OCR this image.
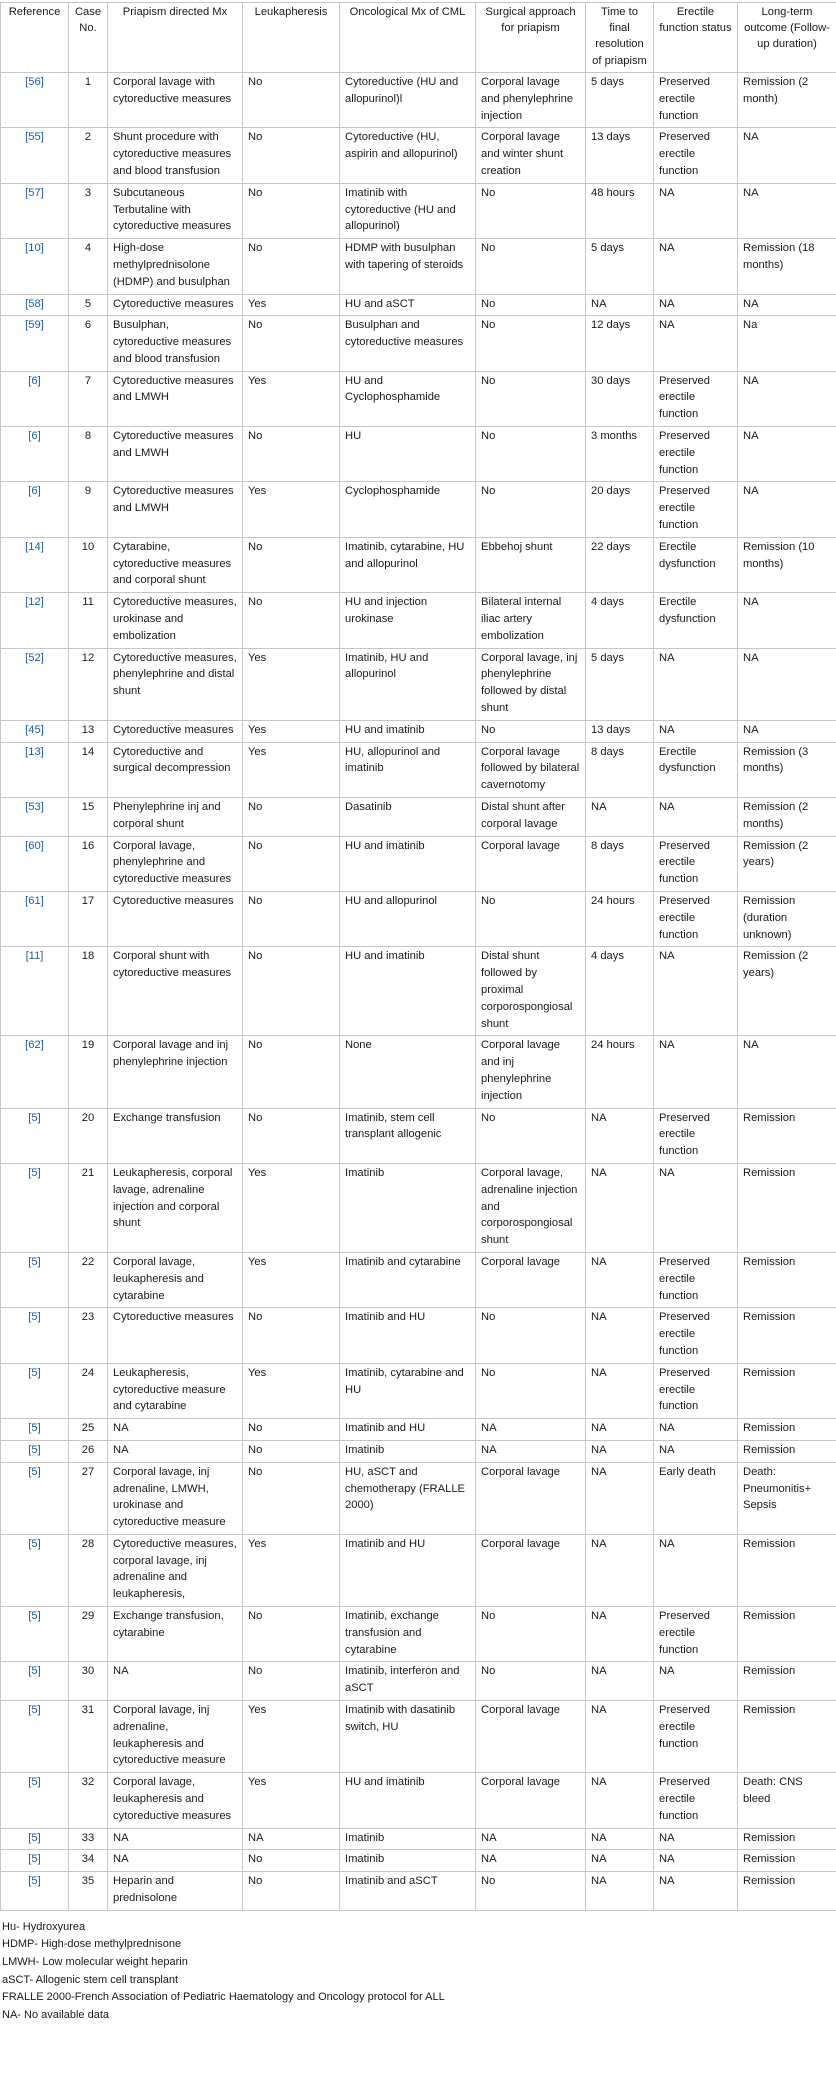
Reference	Case No.	Priapism directed Mx	Leukapheresis	Oncological Mx of CML	Surgical approach for priapism	Time to final resolution of priapism	Erectile function status	Long-term outcome (Follow-up duration)
[56]	1	Corporal lavage with cytoreductive measures	No	Cytoreductive (HU and allopurinol)l	Corporal lavage and phenylephrine injection	5 days	Preserved erectile function	Remission (2 month)
[55]	2	Shunt procedure with cytoreductive measures and blood transfusion	No	Cytoreductive (HU, aspirin and allopurinol)	Corporal lavage and winter shunt creation	13 days	Preserved erectile function	NA
[57]	3	Subcutaneous Terbutaline with cytoreductive measures	No	Imatinib with cytoreductive (HU and allopurinol)	No	48 hours	NA	NA
[10]	4	High-dose methylprednisolone (HDMP) and busulphan	No	HDMP with busulphan with tapering of steroids	No	5 days	NA	Remission (18 months)
[58]	5	Cytoreductive measures	Yes	HU and aSCT	No	NA	NA	NA
[59]	6	Busulphan, cytoreductive measures and blood transfusion	No	Busulphan and cytoreductive measures	No	12 days	NA	Na
[6]	7	Cytoreductive measures and LMWH	Yes	HU and Cyclophosphamide	No	30 days	Preserved erectile function	NA
[6]	8	Cytoreductive measures and LMWH	No	HU	No	3 months	Preserved erectile function	NA
[6]	9	Cytoreductive measures and LMWH	Yes	Cyclophosphamide	No	20 days	Preserved erectile function	NA
[14]	10	Cytarabine, cytoreductive measures and corporal shunt	No	Imatinib, cytarabine, HU and allopurinol	Ebbehoj shunt	22 days	Erectile dysfunction	Remission (10 months)
[12]	11	Cytoreductive measures, urokinase and embolization	No	HU and injection urokinase	Bilateral internal iliac artery embolization	4 days	Erectile dysfunction	NA
[52]	12	Cytoreductive measures, phenylephrine and distal shunt	Yes	Imatinib, HU and allopurinol	Corporal lavage, inj phenylephrine followed by distal shunt	5 days	NA	NA
[45]	13	Cytoreductive measures	Yes	HU and imatinib	No	13 days	NA	NA
[13]	14	Cytoreductive and surgical decompression	Yes	HU, allopurinol and imatinib	Corporal lavage followed by bilateral cavernotomy	8 days	Erectile dysfunction	Remission (3 months)
[53]	15	Phenylephrine inj and corporal shunt	No	Dasatinib	Distal shunt after corporal lavage	NA	NA	Remission (2 months)
[60]	16	Corporal lavage, phenylephrine and cytoreductive measures	No	HU and imatinib	Corporal lavage	8 days	Preserved erectile function	Remission (2 years)
[61]	17	Cytoreductive measures	No	HU and allopurinol	No	24 hours	Preserved erectile function	Remission (duration unknown)
[11]	18	Corporal shunt with cytoreductive measures	No	HU and imatinib	Distal shunt followed by proximal corporospongiosal shunt	4 days	NA	Remission (2 years)
[62]	19	Corporal lavage and inj phenylephrine injection	No	None	Corporal lavage and inj phenylephrine injection	24 hours	NA	NA
[5]	20	Exchange transfusion	No	Imatinib, stem cell transplant allogenic	No	NA	Preserved erectile function	Remission
[5]	21	Leukapheresis, corporal lavage, adrenaline injection and corporal shunt	Yes	Imatinib	Corporal lavage, adrenaline injection and corporospongiosal shunt	NA	NA	Remission
[5]	22	Corporal lavage, leukapheresis and cytarabine	Yes	Imatinib and cytarabine	Corporal lavage	NA	Preserved erectile function	Remission
[5]	23	Cytoreductive measures	No	Imatinib and HU	No	NA	Preserved erectile function	Remission
[5]	24	Leukapheresis, cytoreductive measure and cytarabine	Yes	Imatinib, cytarabine and HU	No	NA	Preserved erectile function	Remission
[5]	25	NA	No	Imatinib and HU	NA	NA	NA	Remission
[5]	26	NA	No	Imatinib	NA	NA	NA	Remission
[5]	27	Corporal lavage, inj adrenaline, LMWH, urokinase and cytoreductive measure	No	HU, aSCT and chemotherapy (FRALLE 2000)	Corporal lavage	NA	Early death	Death: Pneumonitis+ Sepsis
[5]	28	Cytoreductive measures, corporal lavage, inj adrenaline and leukapheresis,	Yes	Imatinib and HU	Corporal lavage	NA	NA	Remission
[5]	29	Exchange transfusion, cytarabine	No	Imatinib, exchange transfusion and cytarabine	No	NA	Preserved erectile function	Remission
[5]	30	NA	No	Imatinib, interferon and aSCT	No	NA	NA	Remission
[5]	31	Corporal lavage, inj adrenaline, leukapheresis and cytoreductive measure	Yes	Imatinib with dasatinib switch, HU	Corporal lavage	NA	Preserved erectile function	Remission
[5]	32	Corporal lavage, leukapheresis and cytoreductive measures	Yes	HU and imatinib	Corporal lavage	NA	Preserved erectile function	Death: CNS bleed
[5]	33	NA	NA	Imatinib	NA	NA	NA	Remission
[5]	34	NA	No	Imatinib	NA	NA	NA	Remission
[5]	35	Heparin and prednisolone	No	Imatinib and aSCT	No	NA	NA	Remission
Hu- Hydroxyurea
HDMP- High-dose methylprednisone
LMWH- Low molecular weight heparin
aSCT- Allogenic stem cell transplant
FRALLE 2000-French Association of Pediatric Haematology and Oncology protocol for ALL
NA- No available data
